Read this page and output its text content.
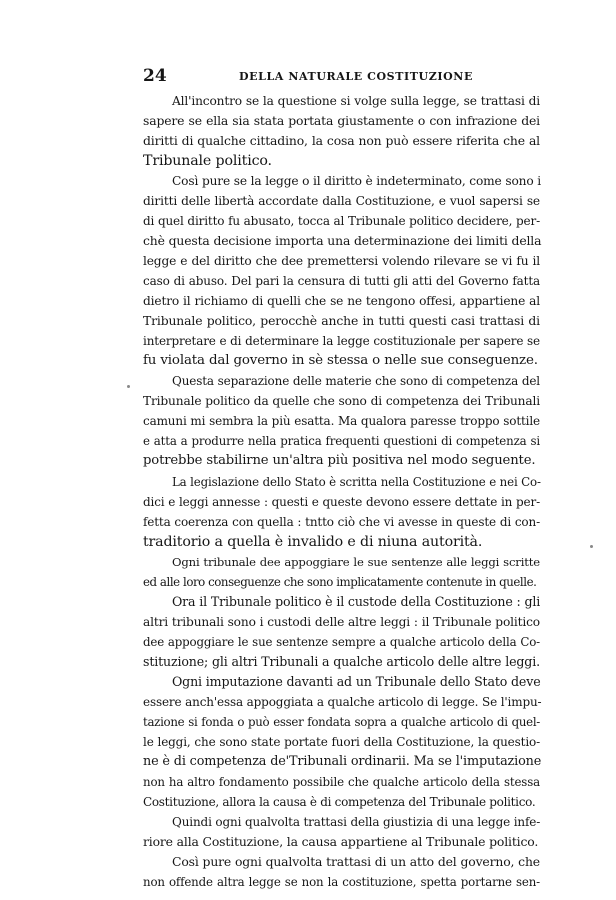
24	DELLA NATURALE COSTITUZIONE
All'incontro se la questione si volge sulla legge, se trattasi di
sapere se ella sia stata portata giustamente o con infrazione dei
diritti di qualche cittadino, la cosa non può essere riferita che al
Tribunale politico.
Così pure se la legge o il diritto è indeterminato, come sono i
diritti delle libertà accordate dalla Costituzione, e vuol sapersi se
di quel diritto fu abusato, tocca al Tribunale politico decidere, per-
chè questa decisione importa una determinazione dei limiti della
legge e del diritto che dee premettersi volendo rilevare se vi fu il
caso di abuso. Del pari la censura di tutti gli atti del Governo fatta
dietro il richiamo di quelli che se ne tengono offesi, appartiene al
Tribunale politico, perocchè anche in tutti questi casi trattasi di
interpretare e di determinare la legge costituzionale per sapere se
fu violata dal governo in sè stessa o nelle sue conseguenze.
Questa separazione delle materie che sono di competenza del
Tribunale politico da quelle che sono di competenza dei Tribunali
camuni mi sembra la più esatta. Ma qualora paresse troppo sottile
e atta a produrre nella pratica frequenti questioni di competenza si
potrebbe stabilirne un'altra più positiva nel modo seguente.
La legislazione dello Stato è scritta nella Costituzione e nei Co-
dici e leggi annesse : questi e queste devono essere dettate in per-
fetta coerenza con quella : tntto ciò che vi avesse in queste di con-
traditorio a quella è invalido e di niuna autorità.
Ogni tribunale dee appoggiare le sue sentenze alle leggi scritte
ed alle loro conseguenze che sono implicatamente contenute in quelle.
Ora il Tribunale politico è il custode della Costituzione : gli
altri tribunali sono i custodi delle altre leggi : il Tribunale politico
dee appoggiare le sue sentenze sempre a qualche articolo della Co-
stituzione; gli altri Tribunali a qualche articolo delle altre leggi.
Ogni imputazione davanti ad un Tribunale dello Stato deve
essere anch'essa appoggiata a qualche articolo di legge. Se l'impu-
tazione si fonda o può esser fondata sopra a qualche articolo di quel-
le leggi, che sono state portate fuori della Costituzione, la questio-
ne è di competenza de'Tribunali ordinarii. Ma se l'imputazione
non ha altro fondamento possibile che qualche articolo della stessa
Costituzione, allora la causa è di competenza del Tribunale politico.
Quindi ogni qualvolta trattasi della giustizia di una legge infe-
riore alla Costituzione, la causa appartiene al Tribunale politico.
Così pure ogni qualvolta trattasi di un atto del governo, che
non offende altra legge se non la costituzione, spetta portarne sen-
